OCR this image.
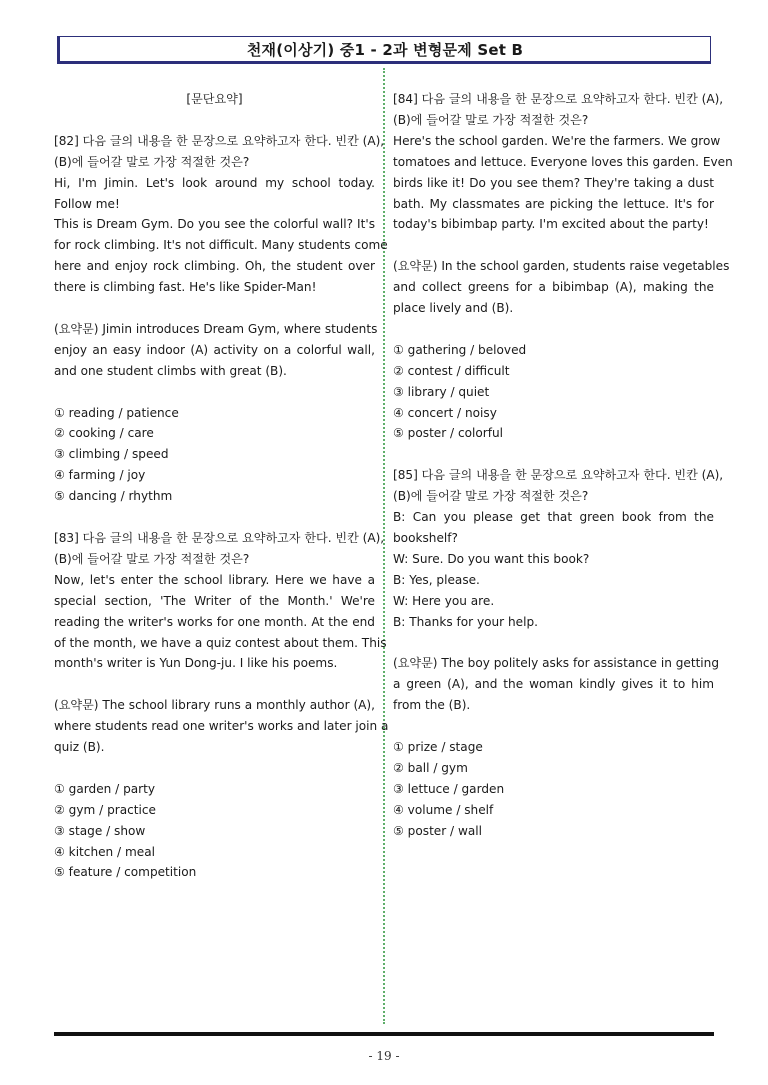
천재(이상기) 중1 - 2과 변형문제 Set B
[문단요약]
[82] 다음 글의 내용을 한 문장으로 요약하고자 한다. 빈칸 (A),
(B)에 들어갈 말로 가장 적절한 것은?
Hi, I'm Jimin. Let's look around my school today.
Follow me!
This is Dream Gym. Do you see the colorful wall? It's
for rock climbing. It's not difficult. Many students come
here and enjoy rock climbing. Oh, the student over
there is climbing fast. He's like Spider-Man!
(요약문) Jimin introduces Dream Gym, where students
enjoy an easy indoor (A) activity on a colorful wall,
and one student climbs with great (B).
① reading / patience
② cooking / care
③ climbing / speed
④ farming / joy
⑤ dancing / rhythm
[83] 다음 글의 내용을 한 문장으로 요약하고자 한다. 빈칸 (A),
(B)에 들어갈 말로 가장 적절한 것은?
Now, let's enter the school library. Here we have a
special section, 'The Writer of the Month.' We're
reading the writer's works for one month. At the end
of the month, we have a quiz contest about them. This
month's writer is Yun Dong-ju. I like his poems.
(요약문) The school library runs a monthly author (A),
where students read one writer's works and later join a
quiz (B).
① garden / party
② gym / practice
③ stage / show
④ kitchen / meal
⑤ feature / competition
[84] 다음 글의 내용을 한 문장으로 요약하고자 한다. 빈칸 (A),
(B)에 들어갈 말로 가장 적절한 것은?
Here's the school garden. We're the farmers. We grow
tomatoes and lettuce. Everyone loves this garden. Even
birds like it! Do you see them? They're taking a dust
bath. My classmates are picking the lettuce. It's for
today's bibimbap party. I'm excited about the party!
(요약문) In the school garden, students raise vegetables
and collect greens for a bibimbap (A), making the
place lively and (B).
① gathering / beloved
② contest / difficult
③ library / quiet
④ concert / noisy
⑤ poster / colorful
[85] 다음 글의 내용을 한 문장으로 요약하고자 한다. 빈칸 (A),
(B)에 들어갈 말로 가장 적절한 것은?
B: Can you please get that green book from the
bookshelf?
W: Sure. Do you want this book?
B: Yes, please.
W: Here you are.
B: Thanks for your help.
(요약문) The boy politely asks for assistance in getting
a green (A), and the woman kindly gives it to him
from the (B).
① prize / stage
② ball / gym
③ lettuce / garden
④ volume / shelf
⑤ poster / wall
- 19 -
